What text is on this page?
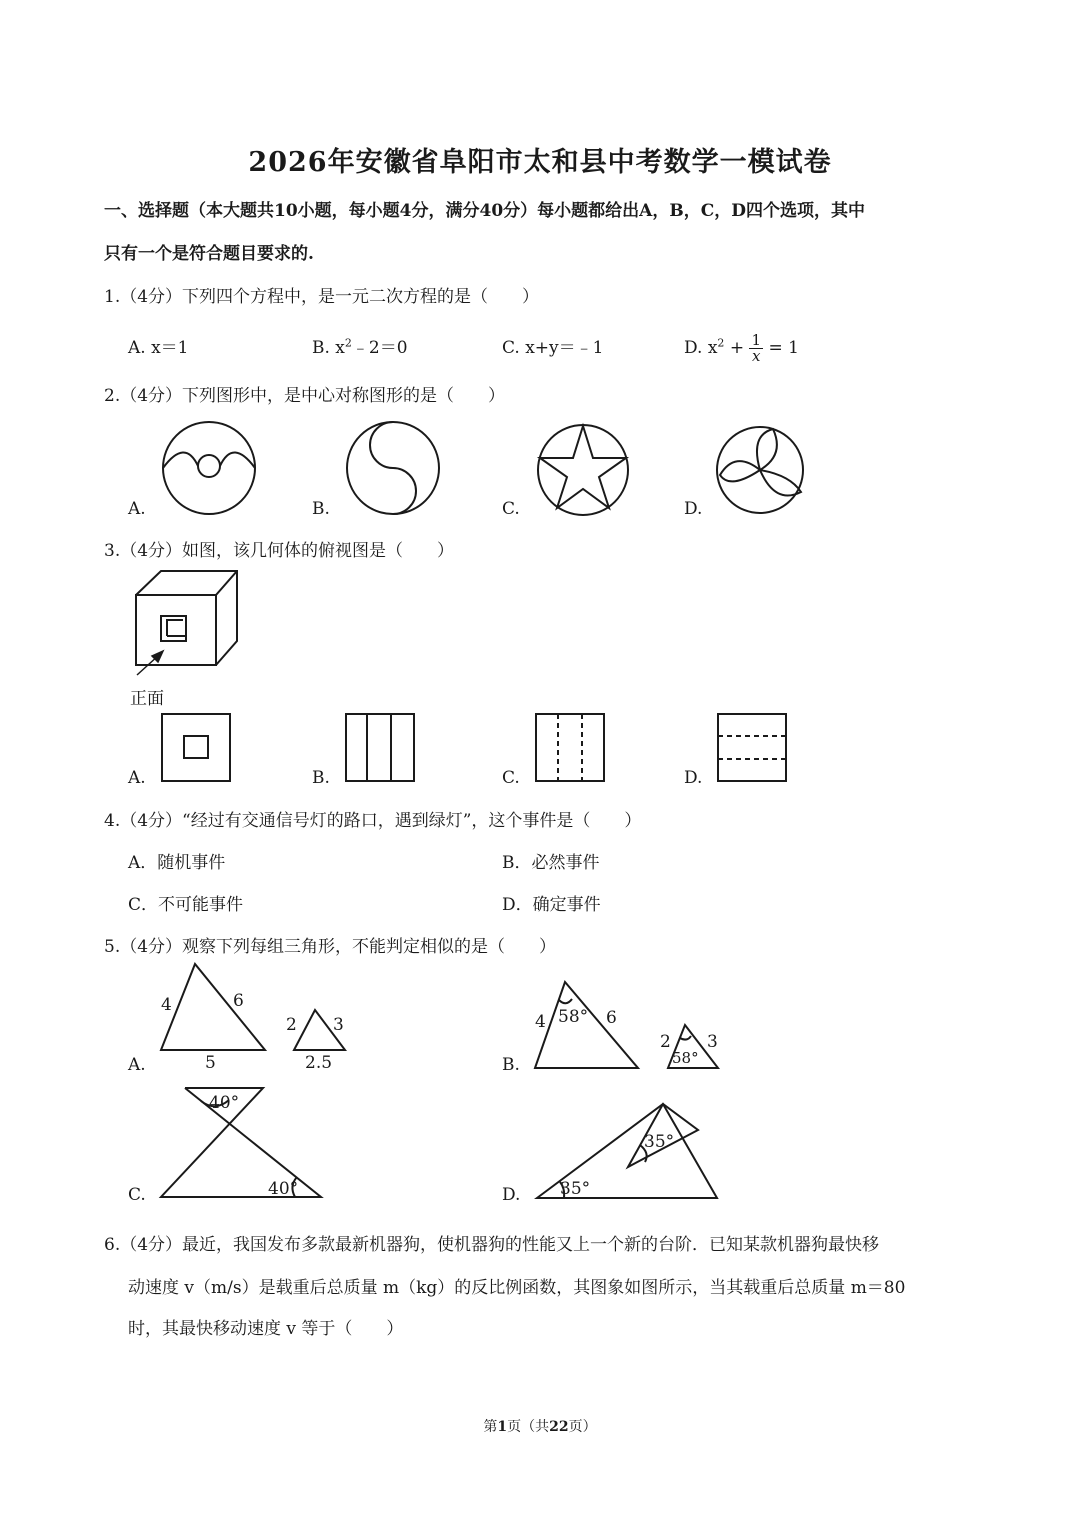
2026年安徽省阜阳市太和县中考数学一模试卷
一、选择题（本大题共10小题，每小题4分，满分40分）每小题都给出A，B，C，D四个选项，其中
只有一个是符合题目要求的.
1.（4分）下列四个方程中，是一元二次方程的是（　　）
A. x＝1	B. $x^2﹣2=0$	C. x+y＝﹣1	D. $x^2 + \frac{1}{x} = 1$
2.（4分）下列图形中，是中心对称图形的是（　　）
A.	B.	C.	D.
3.（4分）如图，该几何体的俯视图是（　　）
正面
A.	B.	C.	D.
4.（4分）“经过有交通信号灯的路口，遇到绿灯”，这个事件是（　　）
A．随机事件	B．必然事件
C．不可能事件	D．确定事件
5.（4分）观察下列每组三角形，不能判定相似的是（　　）
A.	B.
C.	D.
4	6
5
2 3
2.5
4 58° 6
2
58°
3
40°
40°	35°
35°
6.（4分）最近，我国发布多款最新机器狗，使机器狗的性能又上一个新的台阶．已知某款机器狗最快移
动速度 v（m/s）是载重后总质量 m（kg）的反比例函数，其图象如图所示，当其载重后总质量 m＝80
时，其最快移动速度 v 等于（　　）
第1页（共22页）
